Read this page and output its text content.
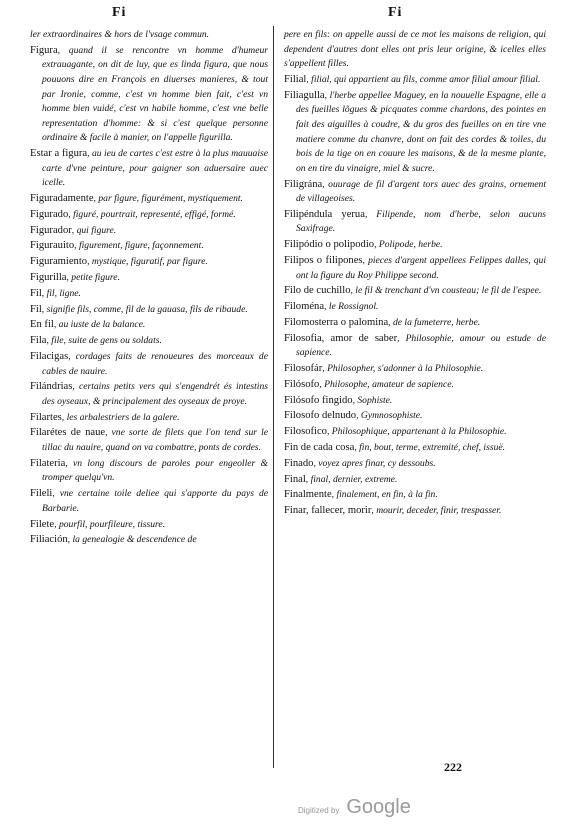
Fi	Fi

ler extraordinaires & hors de l'vsage commun.

Figura, quand il se rencontre vn homme d'humeur extrauagante, on dit de luy, que es linda figura, que nous pouuons dire en François en diuerses manieres, & tout par Ironie, comme, c'est vn homme bien fait, c'est vn homme bien vuidé, c'est vn habile homme, c'est vne belle representation d'homme: & si c'est quelque personne ordinaire & facile à manier, on l'appelle figurilla.

Estar a figura, au ieu de cartes c'est estre à la plus mauuaise carte d'vne peinture, pour gaigner son aduersaire auec icelle.

Figuradamente, par figure, figurément, mystiquement.

Figurado, figuré, pourtrait, representé, effigé, formé.

Figurador, qui figure.

Figurauito, figurement, figure, façonnement.

Figuramiento, mystique, figuratif, par figure.

Figurilla, petite figure.

Fil, fil, ligne.

Fil, signifie fils, comme, fil de la gauasa, fils de ribaude.

En fil, au iuste de la balance.

Fila, file, suite de gens ou soldats.

Filacigas, cordages faits de renoueures des morceaux de cables de nauire.

Filándrias, certains petits vers qui s'engendrét és intestins des oyseaux, & principalement des oyseaux de proye.

Filartes, les arbalestriers de la galere.

Filarétes de naue, vne sorte de filets que l'on tend sur le tillac du nauire, quand on va combattre, ponts de cordes.

Filateria, vn long discours de paroles pour engeoller & tromper quelqu'vn.

Fileli, vne certaine toile deliee qui s'apporte du pays de Barbarie.

Filete, pourfil, pourfileure, tissure.

Filiación, la genealogie & descendence de

pere en fils: on appelle aussi de ce mot les maisons de religion, qui dependent d'autres dont elles ont pris leur origine, & icelles elles s'appellent filles.

Filial, filial, qui appartient au fils, comme amor filial amour filial.

Filiagulla, l'herbe appellee Maguey, en la nouuelle Espagne, elle a des fueilles lõgues & picquates comme chardons, des pointes en fait des aiguilles à coudre, & du gros des fueilles on en tire vne matiere comme du chanvre, dont on fait des cordes & toiles, du bois de la tige on en couure les maisons, & de la mesme plante, on en tire du vinaigre, miel & sucre.

Filigrána, ouurage de fil d'argent tors auec des grains, ornement de villageoises.

Filipéndula yerua, Filipende, nom d'herbe, selon aucuns Saxifrage.

Filipódio o polipodio, Polipode, herbe.

Filipos o filipones, pieces d'argent appellees Felippes dalles, qui ont la figure du Roy Philippe second.

Filo de cuchillo, le fil & trenchant d'vn cousteau; le fil de l'espee.

Filoména, le Rossignol.

Filomosterra o palomina, de la fumeterre, herbe.

Filosofia, amor de saber, Philosophie, amour ou estude de sapience.

Filosofár, Philosopher, s'adonner à la Philosophie.

Filósofo, Philosophe, amateur de sapience.

Filósofo fingido, Sophiste.

Filosofo delnudo, Gymnosophiste.

Filosofico, Philosophique, appartenant à la Philosophie.

Fin de cada cosa, fin, bout, terme, extremité, chef, issuë.

Finado, voyez apres finar, cy dessoubs.

Final, final, dernier, extreme.

Finalmente, finalement, en fin, à la fin.

Finar, fallecer, morir, mourir, deceder, finir, trespasser.

222
Digitized by Google
